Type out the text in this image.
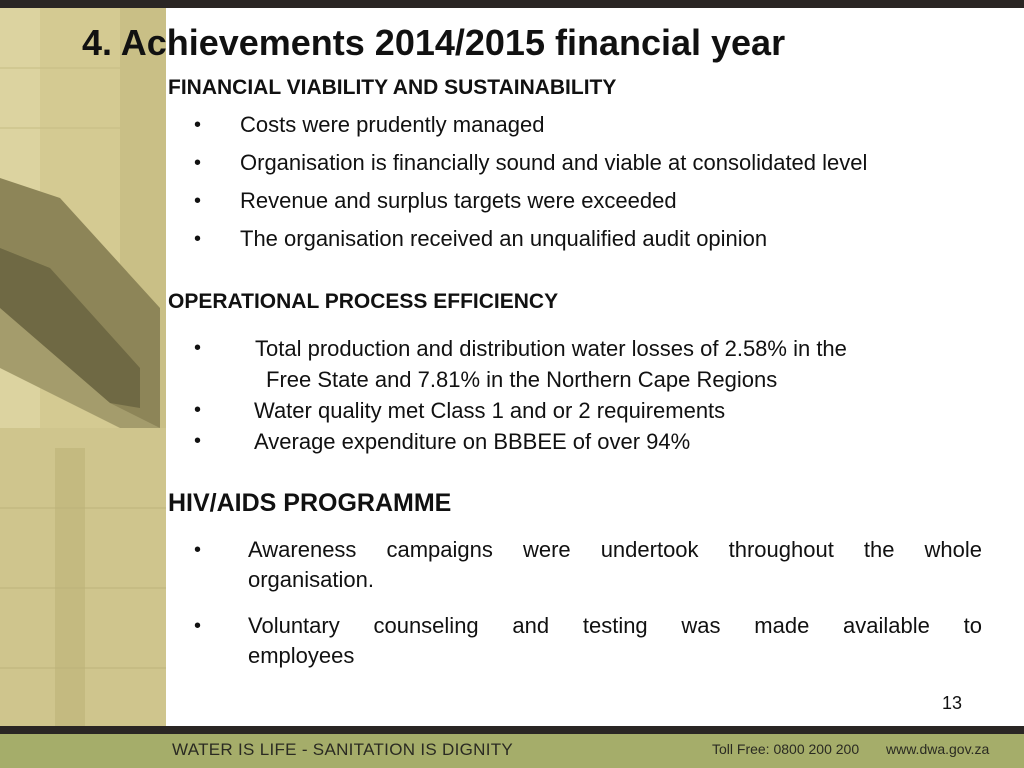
4. Achievements 2014/2015 financial year
FINANCIAL VIABILITY AND SUSTAINABILITY
•	Costs were prudently managed
•	Organisation is financially sound and viable at consolidated level
•	Revenue and surplus targets were exceeded
•	The organisation received an unqualified audit opinion
OPERATIONAL PROCESS EFFICIENCY
•	Total production and distribution water losses of 2.58% in the
Free State and 7.81% in the Northern Cape Regions
•	Water quality met Class 1 and or 2 requirements
•	Average expenditure on BBBEE of over 94%
HIV/AIDS PROGRAMME
•	Awareness campaigns were undertook throughout the whole
organisation.
•	Voluntary counseling and testing was made available to
employees
13
WATER IS LIFE - SANITATION IS DIGNITY	Toll Free: 0800 200 200 www.dwa.gov.za
